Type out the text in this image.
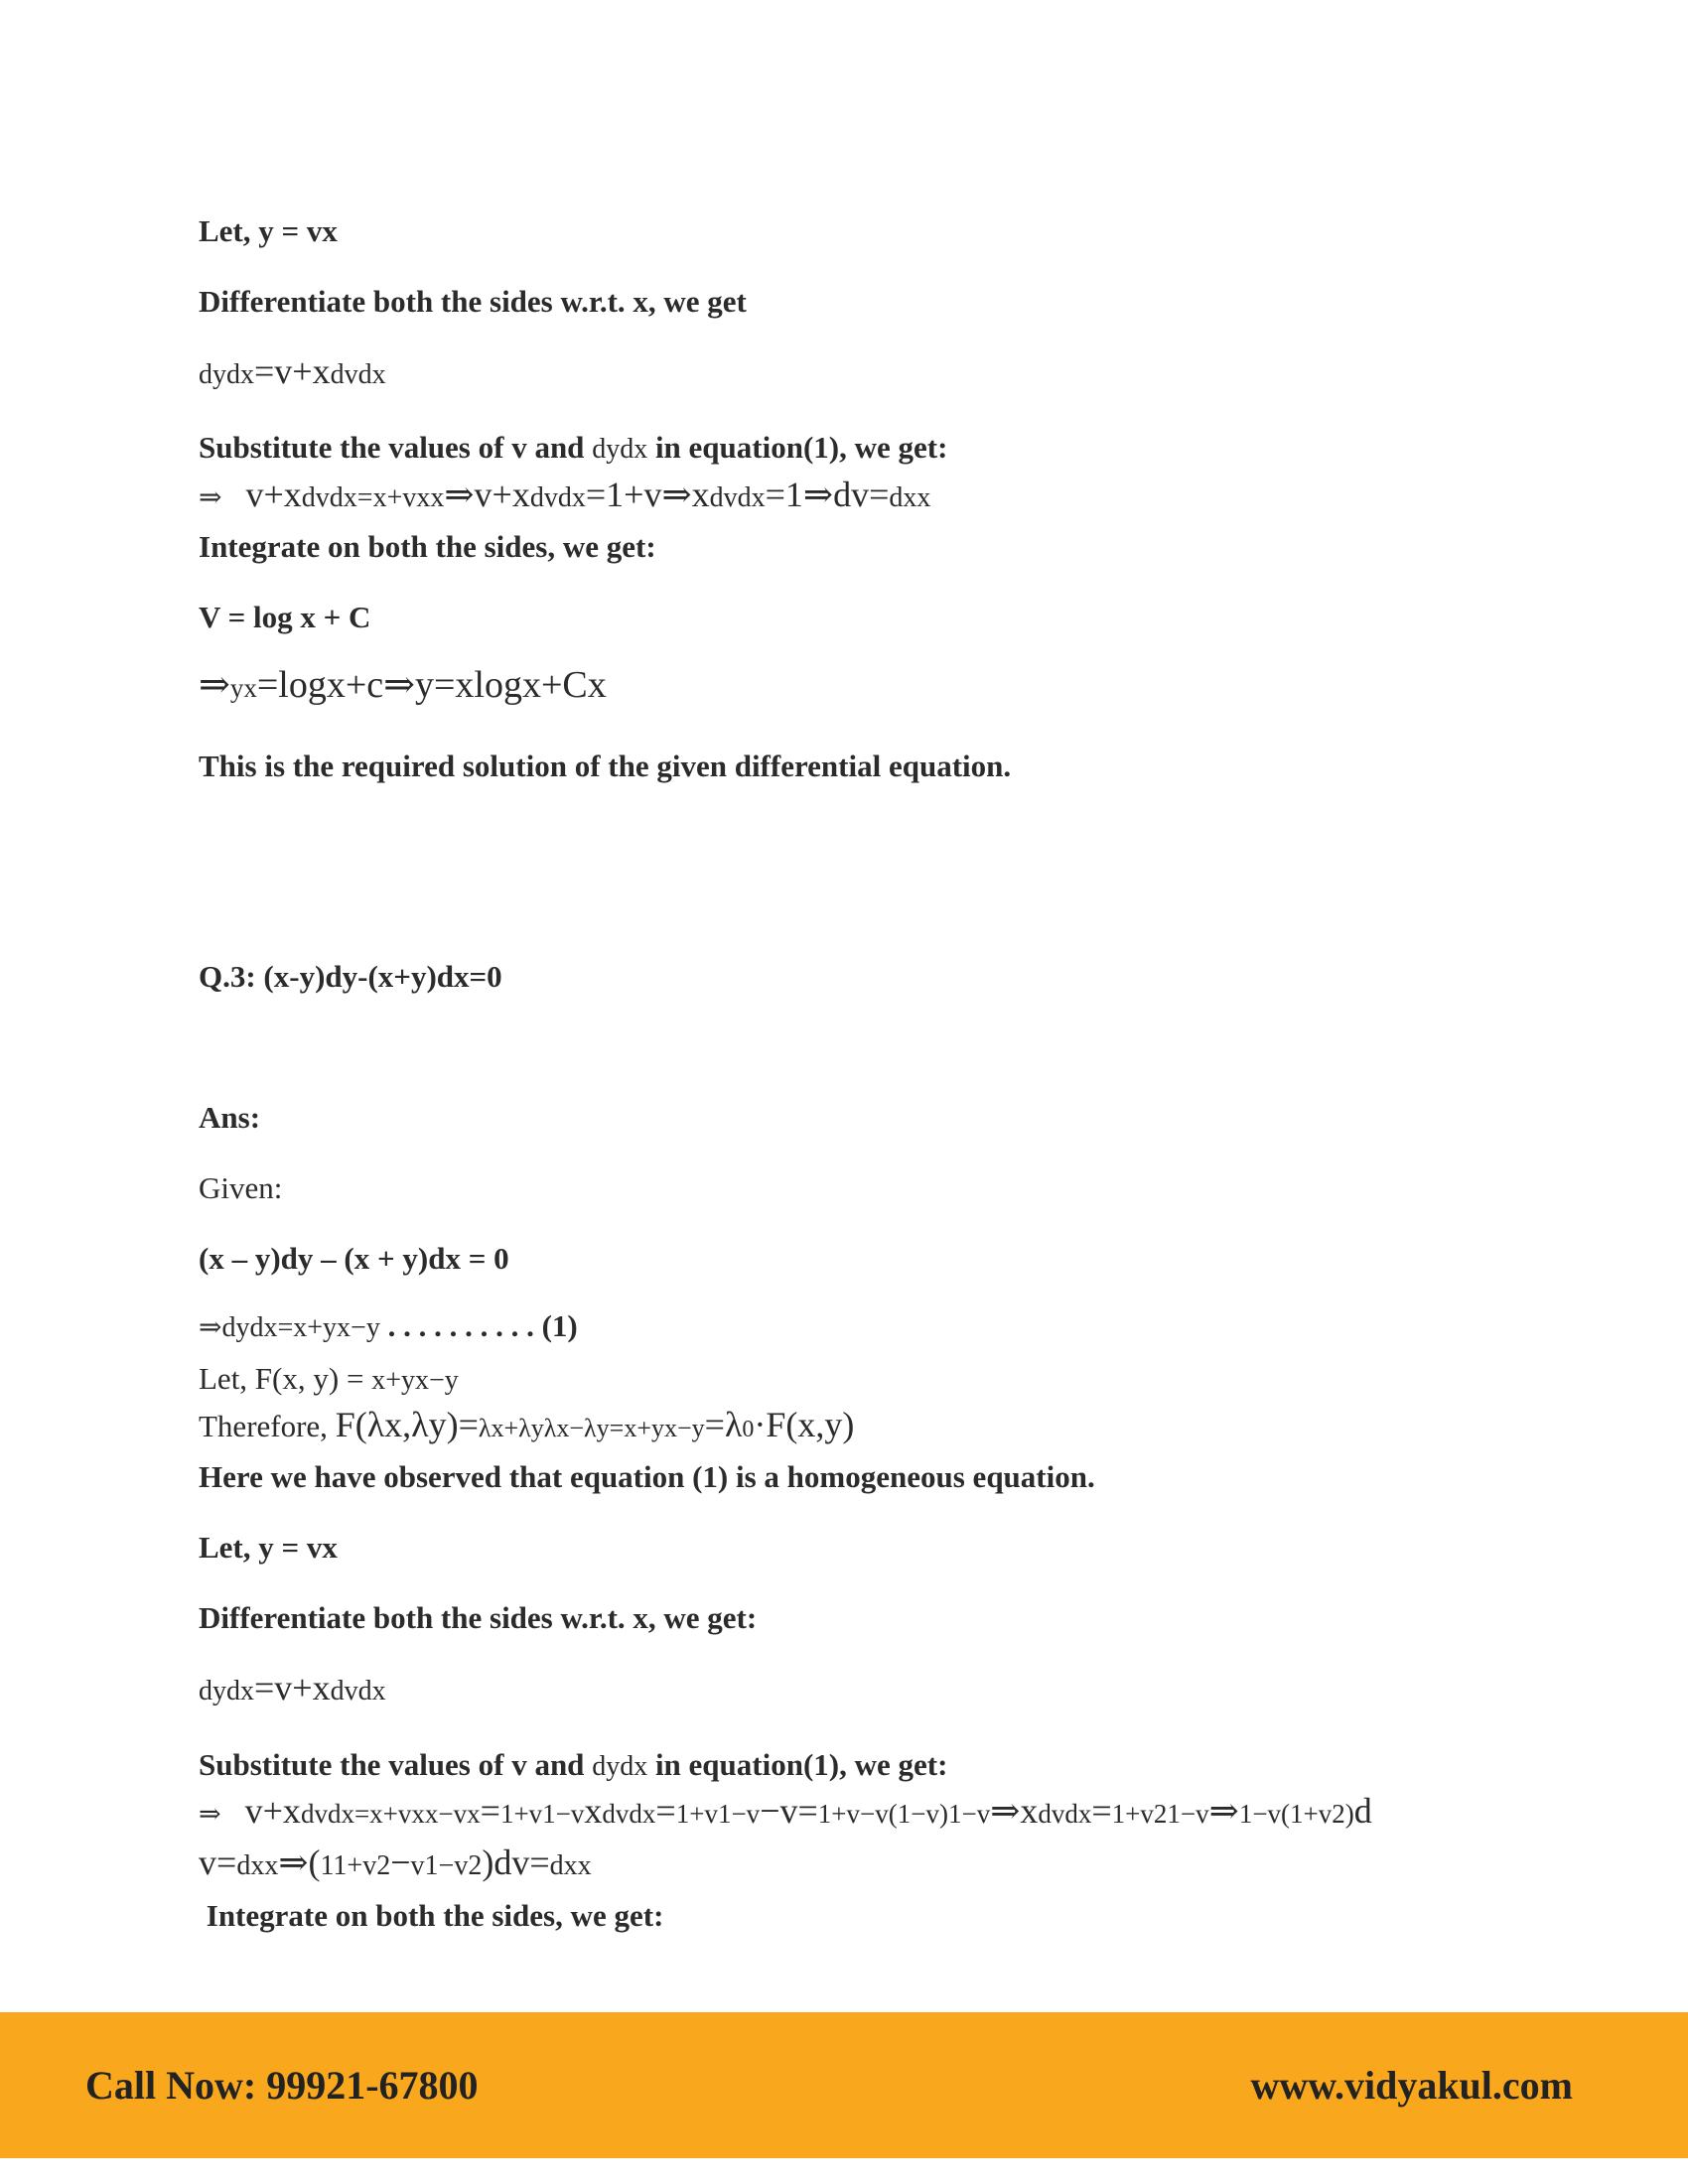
Let, y = vx
Differentiate both the sides w.r.t. x, we get
dydx=v+xdvdx
Substitute the values of v and dydx in equation(1), we get:
⇒ v+xdvdx=x+vxx⇒v+xdvdx=1+v⇒xdvdx=1⇒dv=dxx
Integrate on both the sides, we get:
V = log x + C
⇒yx=logx+c⇒y=xlogx+Cx
This is the required solution of the given differential equation.
Q.3: (x-y)dy-(x+y)dx=0
Ans:
Given:
(x – y)dy – (x + y)dx = 0
⇒dydx=x+yx−y . . . . . . . . . . (1)
Let, F(x, y) = x+yx−y
Therefore, F(λx,λy)=λx+λyλx−λy=x+yx−y=λ0·F(x,y)
Here we have observed that equation (1) is a homogeneous equation.
Let, y = vx
Differentiate both the sides w.r.t. x, we get:
dydx=v+xdvdx
Substitute the values of v and dydx in equation(1), we get:
⇒ v+xdvdx=x+vxx−vx=1+v1−vxdvdx=1+v1−v−v=1+v−v(1−v)1−v⇒xdvdx=1+v21−v⇒1−v(1+v2)d
v=dxx⇒(11+v2−v1−v2)dv=dxx
Integrate on both the sides, we get:
Call Now: 99921-67800	www.vidyakul.com
